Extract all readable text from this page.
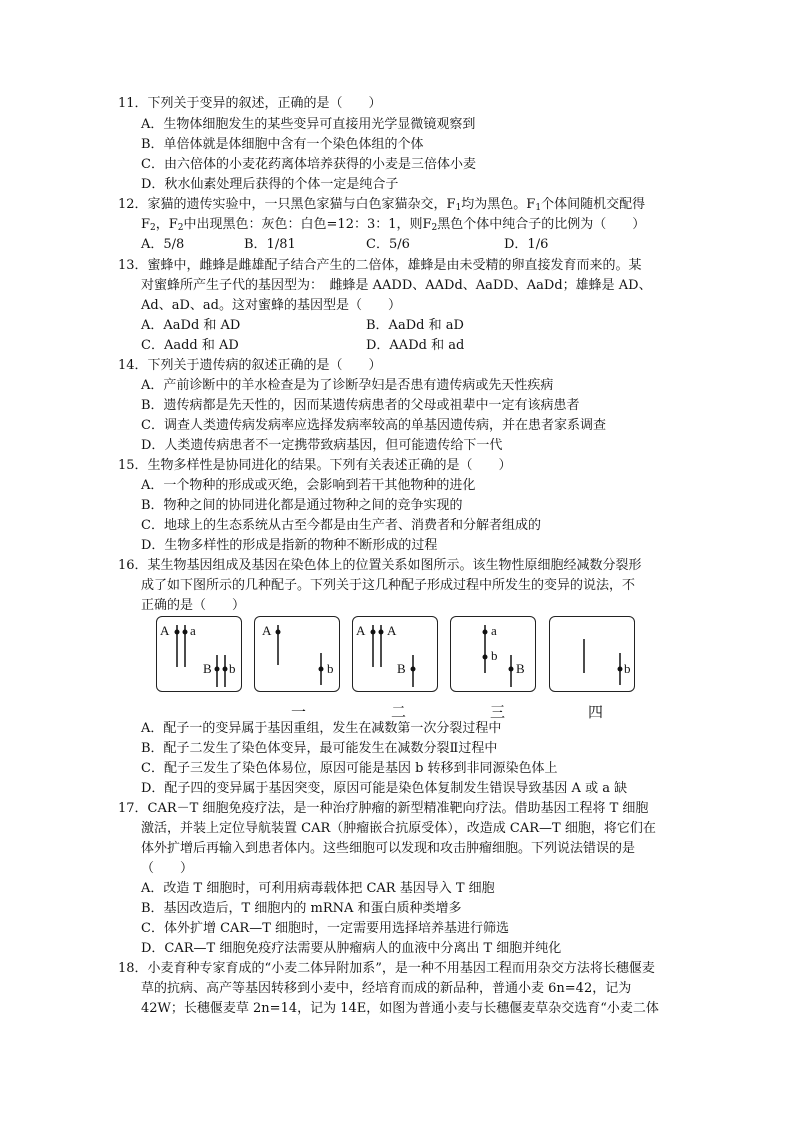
11．下列关于变异的叙述，正确的是（　　）
A．生物体细胞发生的某些变异可直接用光学显微镜观察到
B．单倍体就是体细胞中含有一个染色体组的个体
C．由六倍体的小麦花药离体培养获得的小麦是三倍体小麦
D．秋水仙素处理后获得的个体一定是纯合子
12．家猫的遗传实验中，一只黑色家猫与白色家猫杂交，$F_1$均为黑色。$F_1$个体间随机交配得
$F_2$，$F_2$中出现黑色：灰色：白色=12：3：1，则$F_2$黑色个体中纯合子的比例为（　　）
A．5/8	B．1/81	C．5/6	D．1/6
13．蜜蜂中，雌蜂是雌雄配子结合产生的二倍体，雄蜂是由未受精的卵直接发育而来的。某
对蜜蜂所产生子代的基因型为：　雌蜂是 AADD、AADd、AaDD、AaDd；雄蜂是 AD、
Ad、aD、ad。这对蜜蜂的基因型是（　　）
A．AaDd 和 AD	B．AaDd 和 aD
C．Aadd 和 AD	D．AADd 和 ad
14．下列关于遗传病的叙述正确的是（　　）
A．产前诊断中的羊水检查是为了诊断孕妇是否患有遗传病或先天性疾病
B．遗传病都是先天性的，因而某遗传病患者的父母或祖辈中一定有该病患者
C．调查人类遗传病发病率应选择发病率较高的单基因遗传病，并在患者家系调查
D．人类遗传病患者不一定携带致病基因，但可能遗传给下一代
15．生物多样性是协同进化的结果。下列有关表述正确的是（　　）
A．一个物种的形成或灭绝，会影响到若干其他物种的进化
B．物种之间的协同进化都是通过物种之间的竞争实现的
C．地球上的生态系统从古至今都是由生产者、消费者和分解者组成的
D．生物多样性的形成是指新的物种不断形成的过程
16．某生物基因组成及基因在染色体上的位置关系如图所示。该生物性原细胞经减数分裂形
成了如下图所示的几种配子。下列关于这几种配子形成过程中所发生的变异的说法，不
正确的是（　　）
A a
B b
A
b
A A
B
a
b
B	b
一	二	三	四
A．配子一的变异属于基因重组，发生在减数第一次分裂过程中
B．配子二发生了染色体变异，最可能发生在减数分裂Ⅱ过程中
C．配子三发生了染色体易位，原因可能是基因 b 转移到非同源染色体上
D．配子四的变异属于基因突变，原因可能是染色体复制发生错误导致基因 A 或 a 缺
17．CAR－T 细胞免疫疗法，是一种治疗肿瘤的新型精准靶向疗法。借助基因工程将 T 细胞
激活，并装上定位导航装置 CAR（肿瘤嵌合抗原受体），改造成 CAR—T 细胞，将它们在
体外扩增后再输入到患者体内。这些细胞可以发现和攻击肿瘤细胞。下列说法错误的是
（　　）
A．改造 T 细胞时，可利用病毒载体把 CAR 基因导入 T 细胞
B．基因改造后，T 细胞内的 mRNA 和蛋白质种类增多
C．体外扩增 CAR—T 细胞时，一定需要用选择培养基进行筛选
D．CAR—T 细胞免疫疗法需要从肿瘤病人的血液中分离出 T 细胞并纯化
18．小麦育种专家育成的“小麦二体异附加系”，是一种不用基因工程而用杂交方法将长穗偃麦
草的抗病、高产等基因转移到小麦中，经培育而成的新品种，普通小麦 6n=42，记为
42W；长穗偃麦草 2n=14，记为 14E，如图为普通小麦与长穗偃麦草杂交选育“小麦二体
